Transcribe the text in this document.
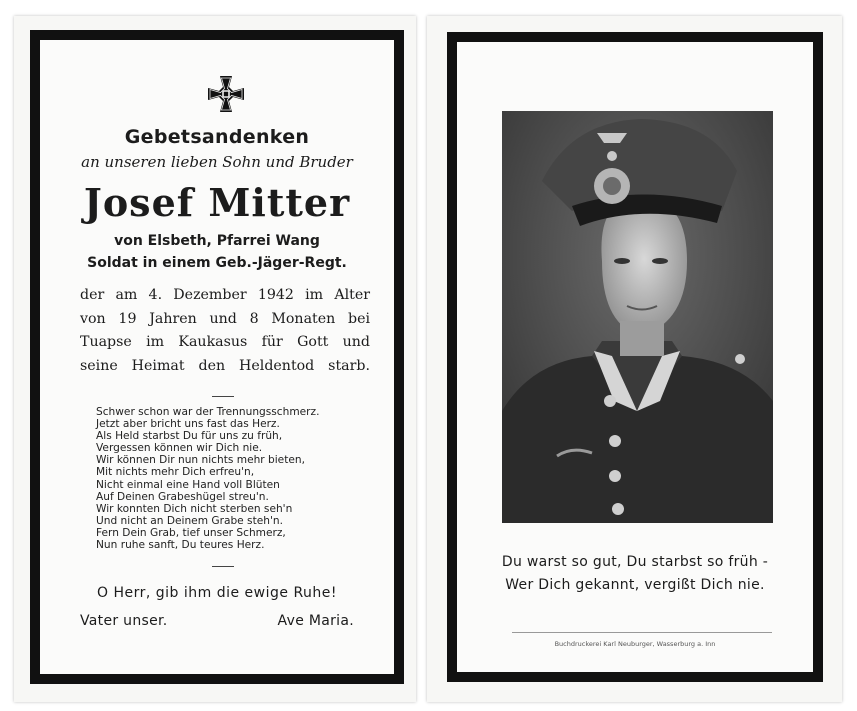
Gebetsandenken
an unseren lieben Sohn und Bruder
Josef Mitter
von Elsbeth, Pfarrei Wang
Soldat in einem Geb.-Jäger-Regt.
der am 4. Dezember 1942 im Alter
von 19 Jahren und 8 Monaten bei
Tuapse im Kaukasus für Gott und
seine Heimat den Heldentod starb.
Schwer schon war der Trennungsschmerz.
Jetzt aber bricht uns fast das Herz.
Als Held starbst Du für uns zu früh,
Vergessen können wir Dich nie.
Wir können Dir nun nichts mehr bieten,
Mit nichts mehr Dich erfreu'n,
Nicht einmal eine Hand voll Blüten
Auf Deinen Grabeshügel streu'n.
Wir konnten Dich nicht sterben seh'n
Und nicht an Deinem Grabe steh'n.
Fern Dein Grab, tief unser Schmerz,
Nun ruhe sanft, Du teures Herz.
O Herr, gib ihm die ewige Ruhe!
Vater unser.	Ave Maria.
Du warst so gut, Du starbst so früh -
Wer Dich gekannt, vergißt Dich nie.
Buchdruckerei Karl Neuburger, Wasserburg a. Inn
